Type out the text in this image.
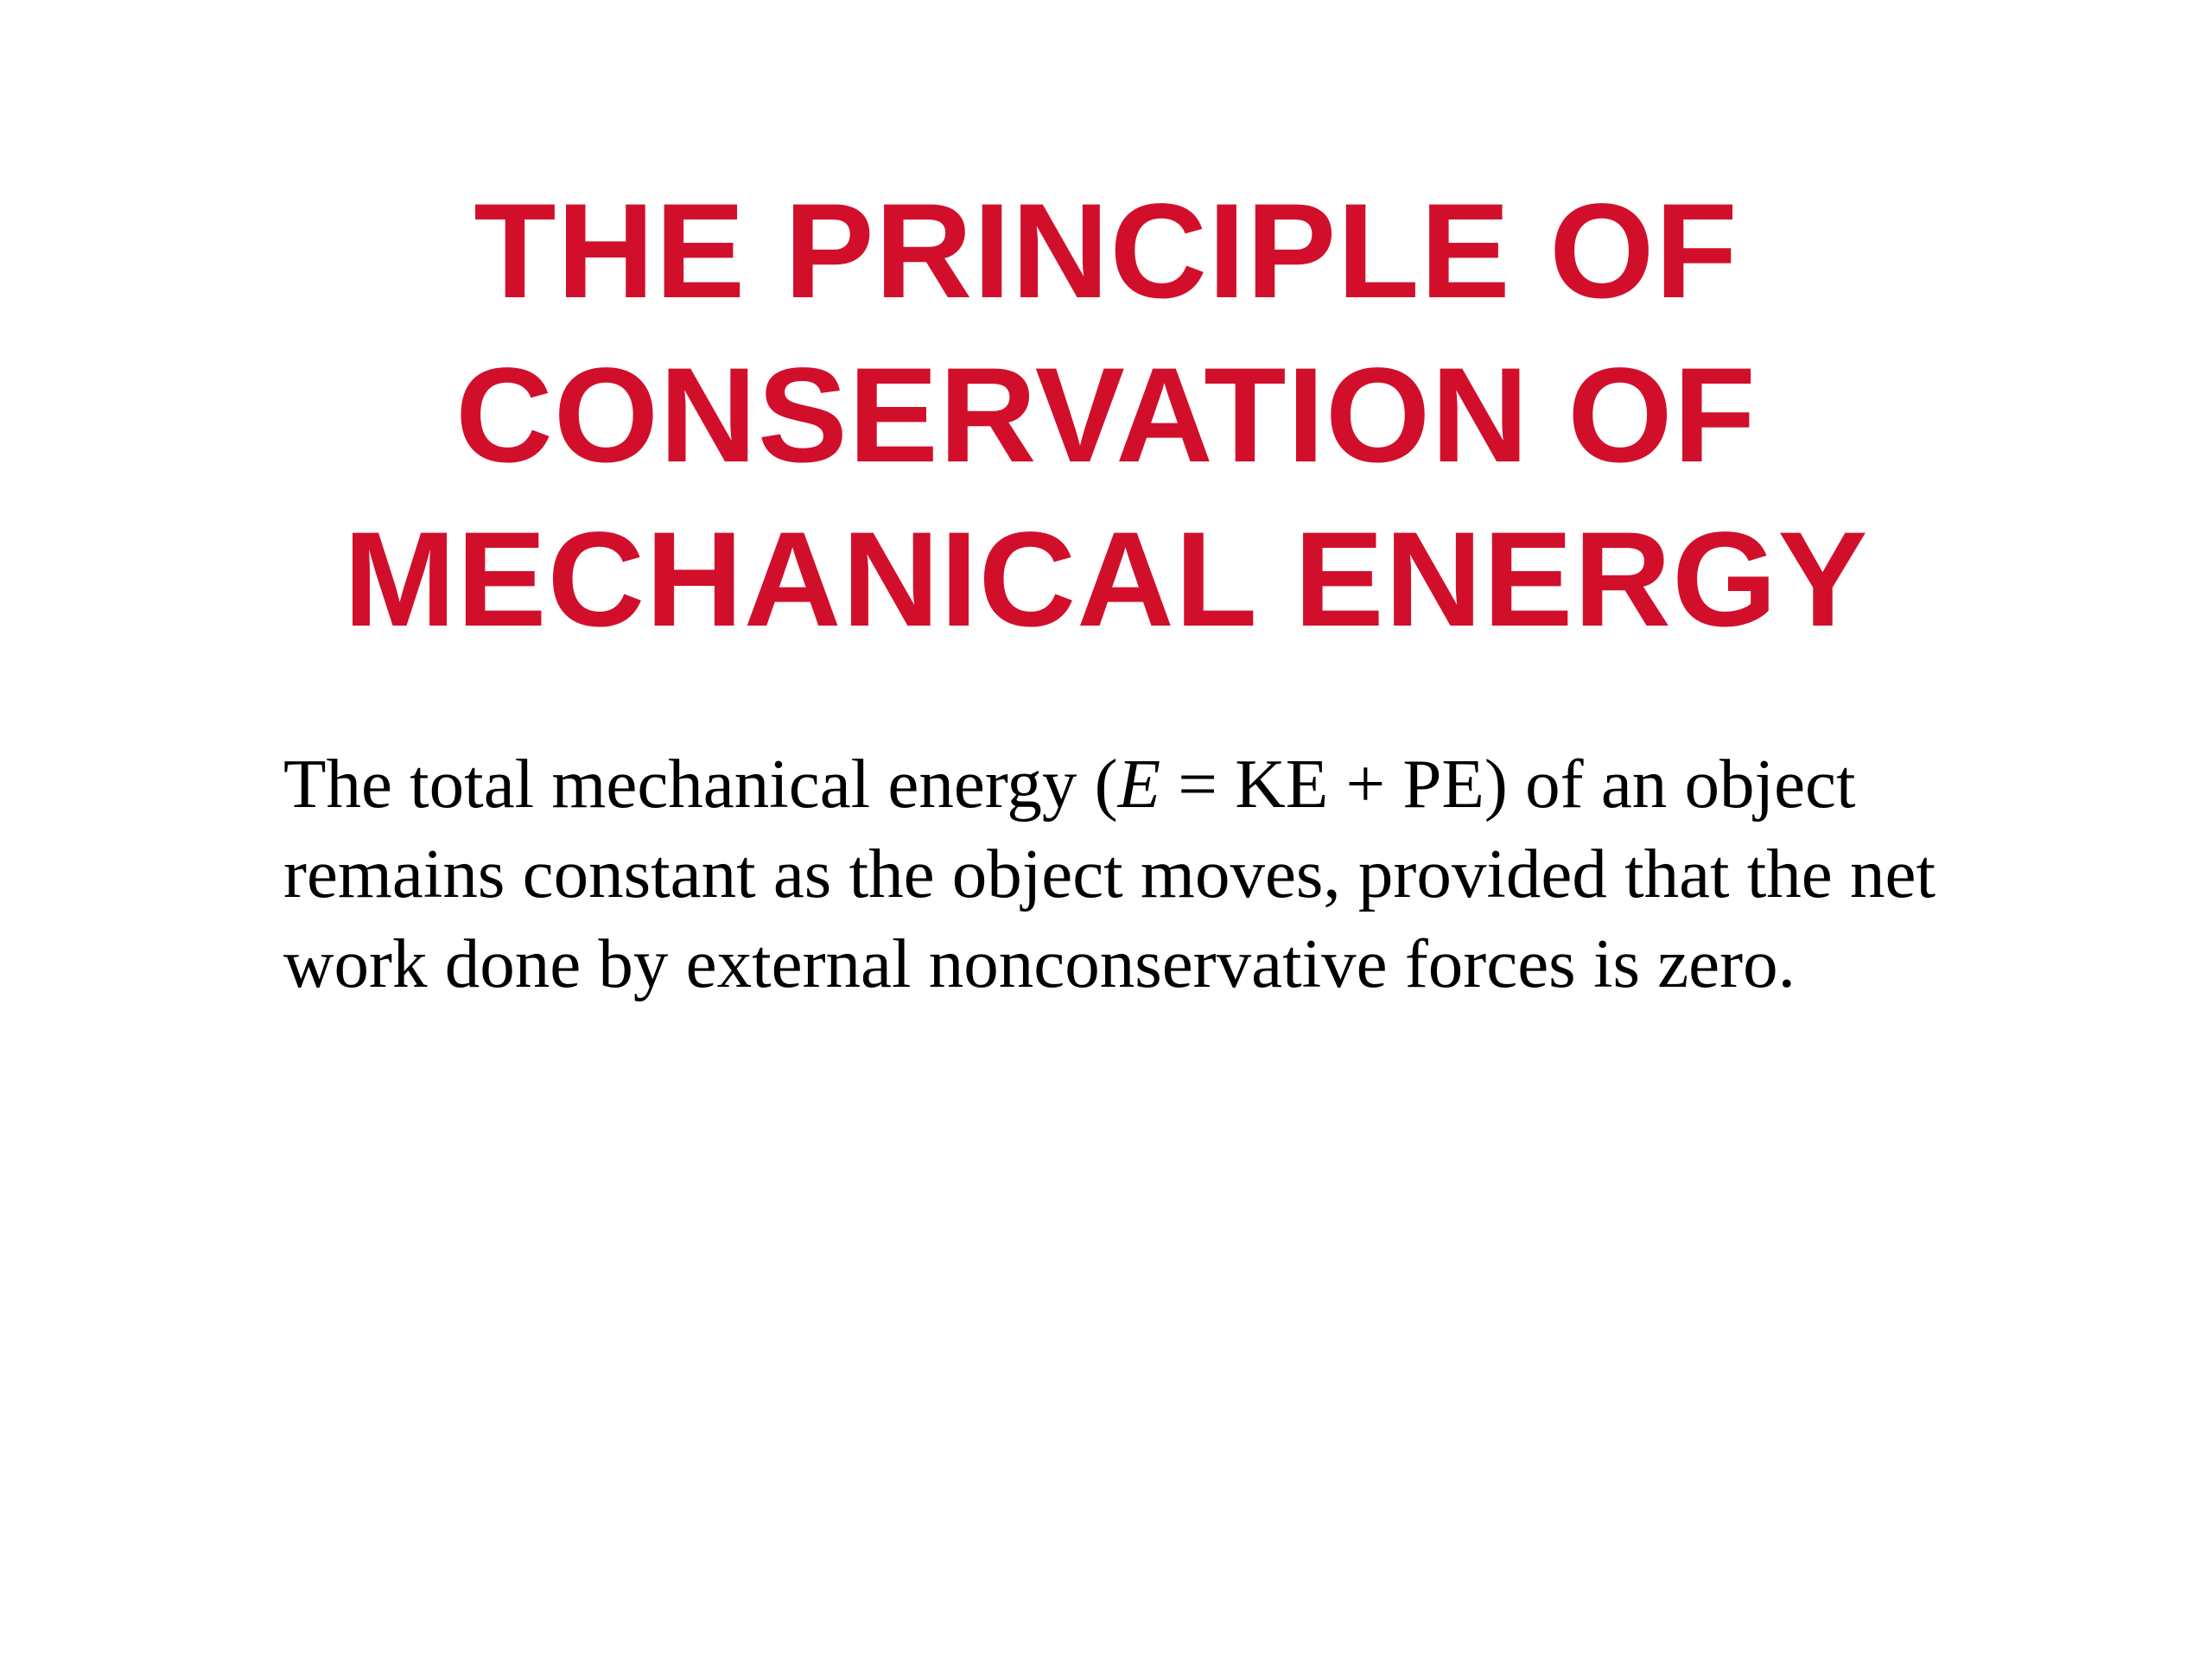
THE PRINCIPLE OF
CONSERVATION OF
MECHANICAL ENERGY
The total mechanical energy (E = KE + PE) of an object
remains constant as the object moves, provided that the net
work done by external nonconservative forces is zero.
